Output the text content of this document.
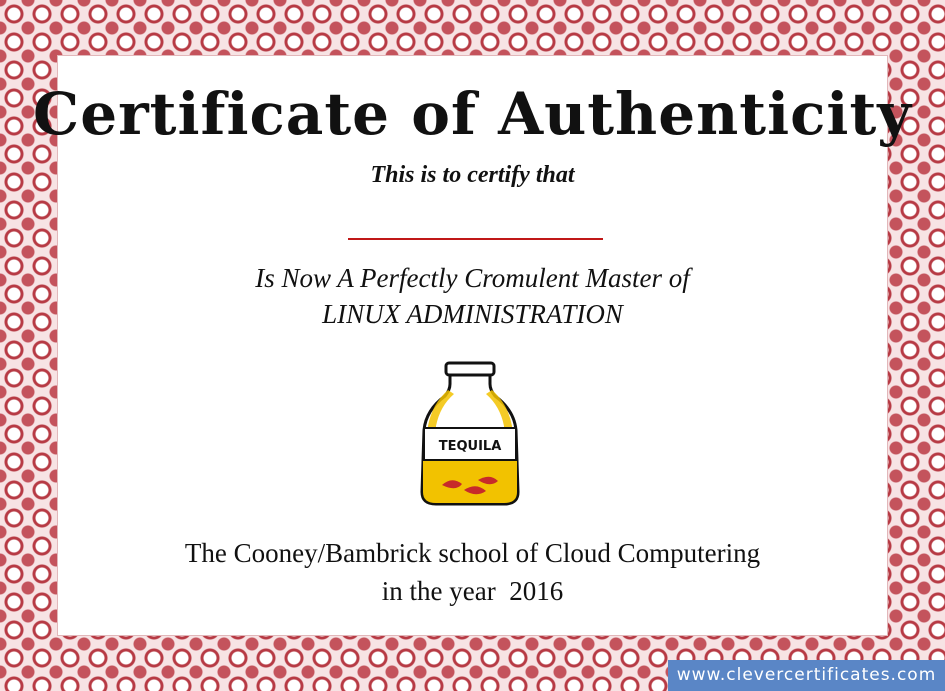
Certificate of Authenticity
This is to certify that
Is Now A Perfectly Cromulent Master of
LINUX ADMINISTRATION
TEQUILA
The Cooney/Bambrick school of Cloud Computering
in the year  2016
www.clevercertificates.com
